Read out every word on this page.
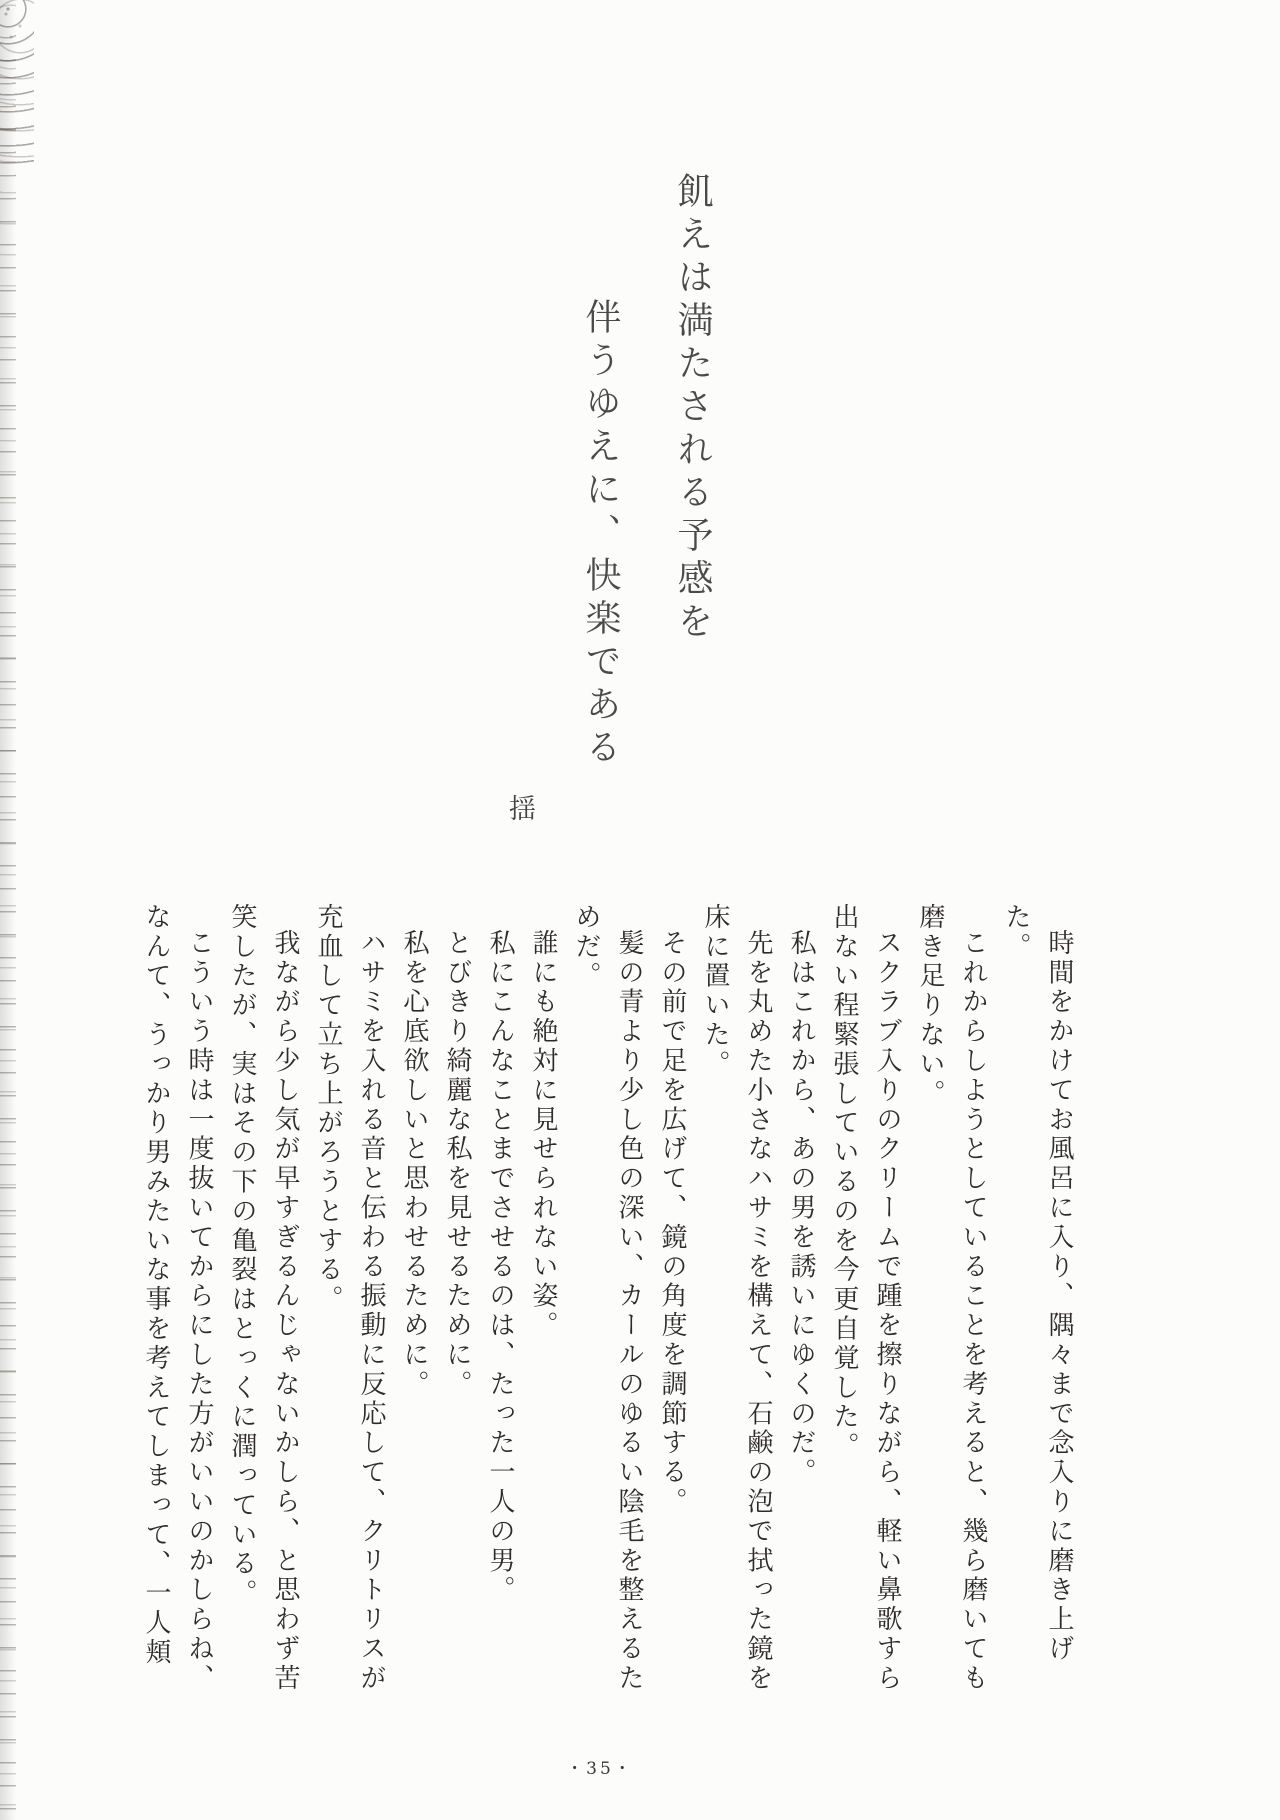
飢えは満たされる予感を
伴うゆえに、快楽である
揺

時間をかけてお風呂に入り、隅々まで念入りに磨き上げた。

これからしようとしていることを考えると、幾ら磨いても磨き足りない。

スクラブ入りのクリームで踵を擦りながら、軽い鼻歌すら出ない程緊張しているのを今更自覚した。

私はこれから、あの男を誘いにゆくのだ。

先を丸めた小さなハサミを構えて、石鹸の泡で拭った鏡を床に置いた。

その前で足を広げて、鏡の角度を調節する。

髪の青より少し色の深い、カールのゆるい陰毛を整えるためだ。

誰にも絶対に見せられない姿。

私にこんなことまでさせるのは、たった一人の男。

とびきり綺麗な私を見せるために。

私を心底欲しいと思わせるために。

ハサミを入れる音と伝わる振動に反応して、クリトリスが充血して立ち上がろうとする。

我ながら少し気が早すぎるんじゃないかしら、と思わず苦笑したが、実はその下の亀裂はとっくに潤っている。

こういう時は一度抜いてからにした方がいいのかしらね、なんて、うっかり男みたいな事を考えてしまって、一人頬

・35・
